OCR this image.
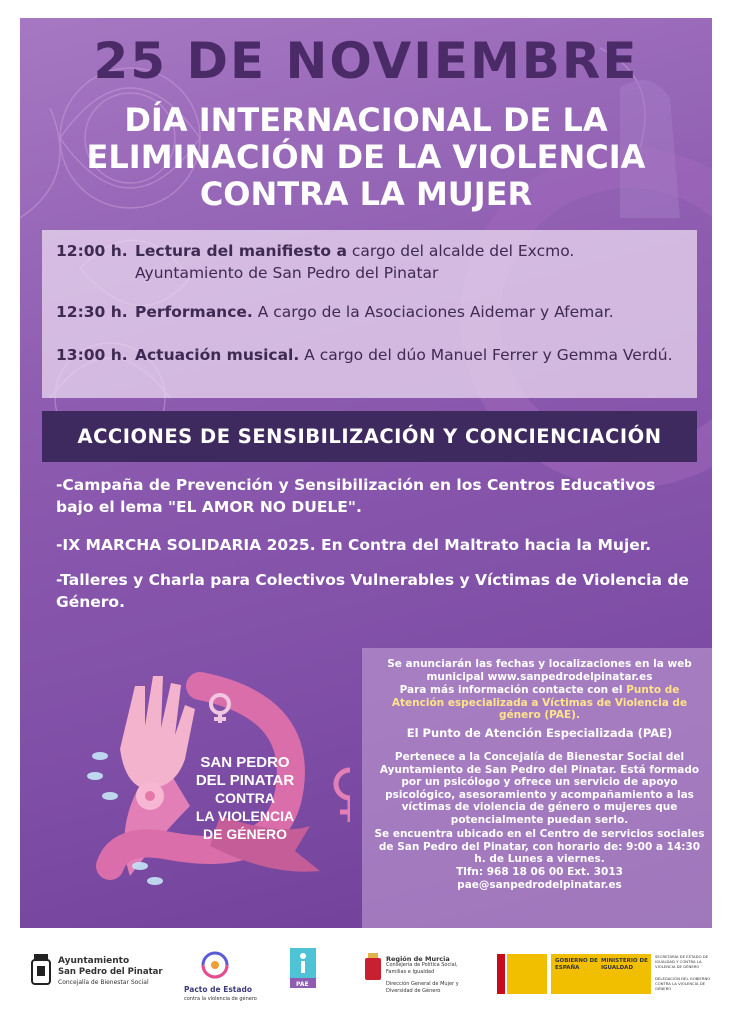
25 DE NOVIEMBRE
DÍA INTERNACIONAL DE LA
ELIMINACIÓN DE LA VIOLENCIA
CONTRA LA MUJER
12:00 h. Lectura del manifiesto a cargo del alcalde del Excmo. Ayuntamiento de San Pedro del Pinatar
12:30 h. Performance. A cargo de la Asociaciones Aidemar y Afemar.
13:00 h. Actuación musical. A cargo del dúo Manuel Ferrer y Gemma Verdú.
ACCIONES DE SENSIBILIZACIÓN Y CONCIENCIACIÓN
-Campaña de Prevención y Sensibilización en los Centros Educativos bajo el lema "EL AMOR NO DUELE".
-IX MARCHA SOLIDARIA 2025. En Contra del Maltrato hacia la Mujer.
-Talleres y Charla para Colectivos Vulnerables y Víctimas de Violencia de Género.
SAN PEDRO
DEL PINATAR
CONTRA
LA VIOLENCIA
DE GÉNERO
Se anunciarán las fechas y localizaciones en la web municipal www.sanpedrodelpinatar.es
Para más información contacte con el Punto de Atención especializada a Víctimas de Violencia de género (PAE).
El Punto de Atención Especializada (PAE)
Pertenece a la Concejalía de Bienestar Social del Ayuntamiento de San Pedro del Pinatar. Está formado por un psicólogo y ofrece un servicio de apoyo psicológico, asesoramiento y acompañamiento a las víctimas de violencia de género o mujeres que potencialmente puedan serlo.
Se encuentra ubicado en el Centro de servicios sociales de San Pedro del Pinatar, con horario de: 9:00 a 14:30 h. de Lunes a viernes.
Tlfn: 968 18 06 00 Ext. 3013
pae@sanpedrodelpinatar.es
Ayuntamiento
San Pedro del Pinatar
Concejalía de Bienestar Social
Pacto de Estado
contra la violencia de género
PAE
Región de Murcia
Consejería de Política Social, Familias e Igualdad
Dirección General de Mujer y Diversidad de Género
GOBIERNO DE ESPAÑA
MINISTERIO DE IGUALDAD
SECRETARÍA DE ESTADO DE IGUALDAD Y CONTRA LA VIOLENCIA DE GÉNERO
DELEGACIÓN DEL GOBIERNO CONTRA LA VIOLENCIA DE GÉNERO
